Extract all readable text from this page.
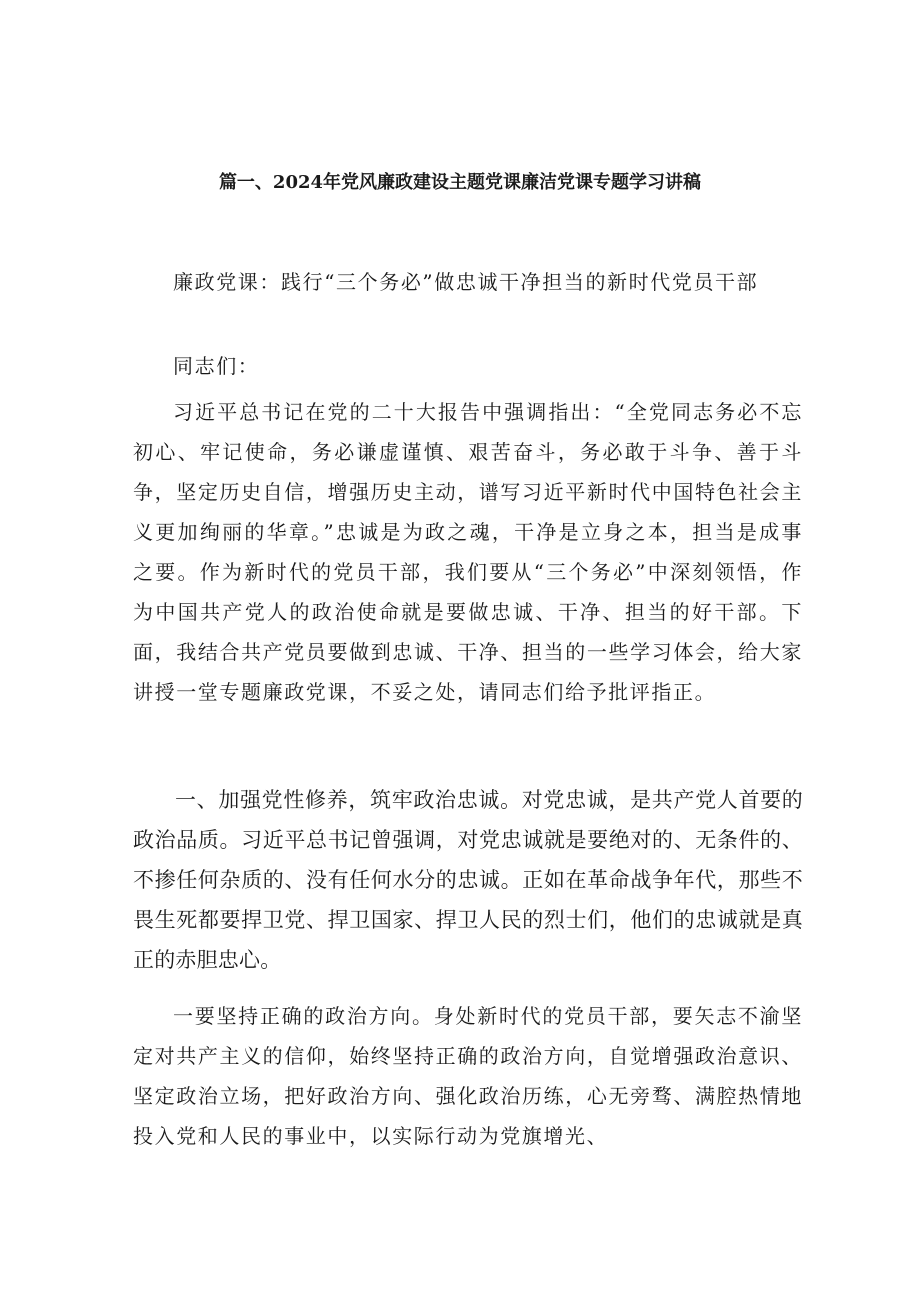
篇一、2024年党风廉政建设主题党课廉洁党课专题学习讲稿

廉政党课：践行“三个务必”做忠诚干净担当的新时代党员干部

同志们：

习近平总书记在党的二十大报告中强调指出：“全党同志务必不忘初心、牢记使命，务必谦虚谨慎、艰苦奋斗，务必敢于斗争、善于斗争，坚定历史自信，增强历史主动，谱写习近平新时代中国特色社会主义更加绚丽的华章。”忠诚是为政之魂，干净是立身之本，担当是成事之要。作为新时代的党员干部，我们要从“三个务必”中深刻领悟，作为中国共产党人的政治使命就是要做忠诚、干净、担当的好干部。下面，我结合共产党员要做到忠诚、干净、担当的一些学习体会，给大家讲授一堂专题廉政党课，不妥之处，请同志们给予批评指正。

一、加强党性修养，筑牢政治忠诚。对党忠诚，是共产党人首要的政治品质。习近平总书记曾强调，对党忠诚就是要绝对的、无条件的、不掺任何杂质的、没有任何水分的忠诚。正如在革命战争年代，那些不畏生死都要捍卫党、捍卫国家、捍卫人民的烈士们，他们的忠诚就是真正的赤胆忠心。

一要坚持正确的政治方向。身处新时代的党员干部，要矢志不渝坚定对共产主义的信仰，始终坚持正确的政治方向，自觉增强政治意识、坚定政治立场，把好政治方向、强化政治历练，心无旁骛、满腔热情地投入党和人民的事业中，以实际行动为党旗增光、
